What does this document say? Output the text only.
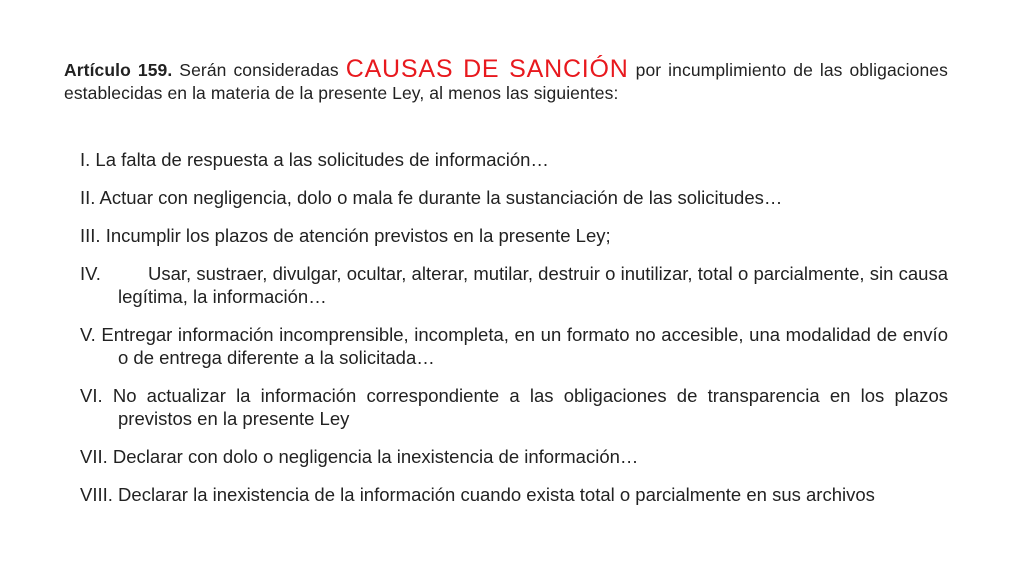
Artículo 159. Serán consideradas CAUSAS DE SANCIÓN por incumplimiento de las obligaciones establecidas en la materia de la presente Ley, al menos las siguientes:

I. La falta de respuesta a las solicitudes de información…
II. Actuar con negligencia, dolo o mala fe durante la sustanciación de las solicitudes…
III. Incumplir los plazos de atención previstos en la presente Ley;
IV.	Usar, sustraer, divulgar, ocultar, alterar, mutilar, destruir o inutilizar, total o parcialmente, sin causa legítima, la información…
V. Entregar información incomprensible, incompleta, en un formato no accesible, una modalidad de envío o de entrega diferente a la solicitada…
VI. No actualizar la información correspondiente a las obligaciones de transparencia en los plazos previstos en la presente Ley
VII. Declarar con dolo o negligencia la inexistencia de información…
VIII. Declarar la inexistencia de la información cuando exista total o parcialmente en sus archivos
